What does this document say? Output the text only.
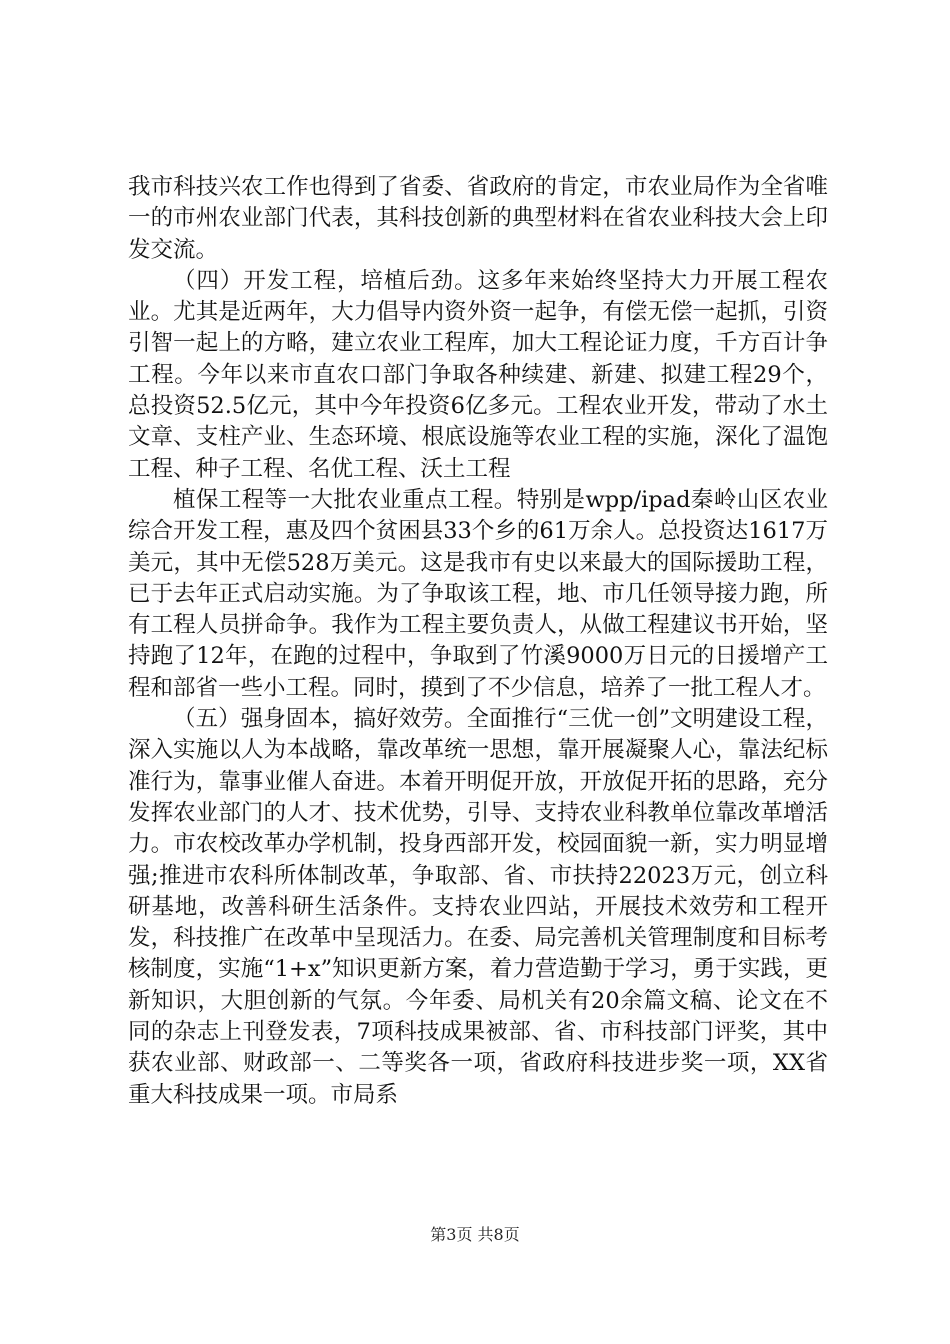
我市科技兴农工作也得到了省委、省政府的肯定，市农业局作为全省唯一的市州农业部门代表，其科技创新的典型材料在省农业科技大会上印发交流。

（四）开发工程，培植后劲。这多年来始终坚持大力开展工程农业。尤其是近两年，大力倡导内资外资一起争，有偿无偿一起抓，引资引智一起上的方略，建立农业工程库，加大工程论证力度，千方百计争工程。今年以来市直农口部门争取各种续建、新建、拟建工程29个，总投资52.5亿元，其中今年投资6亿多元。工程农业开发，带动了水土文章、支柱产业、生态环境、根底设施等农业工程的实施，深化了温饱工程、种子工程、名优工程、沃土工程

植保工程等一大批农业重点工程。特别是wpp/ipad秦岭山区农业综合开发工程，惠及四个贫困县33个乡的61万余人。总投资达1617万美元，其中无偿528万美元。这是我市有史以来最大的国际援助工程，已于去年正式启动实施。为了争取该工程，地、市几任领导接力跑，所有工程人员拼命争。我作为工程主要负责人，从做工程建议书开始，坚持跑了12年，在跑的过程中，争取到了竹溪9000万日元的日援增产工程和部省一些小工程。同时，摸到了不少信息，培养了一批工程人才。

（五）强身固本，搞好效劳。全面推行“三优一创”文明建设工程，深入实施以人为本战略，靠改革统一思想，靠开展凝聚人心，靠法纪标准行为，靠事业催人奋进。本着开明促开放，开放促开拓的思路，充分发挥农业部门的人才、技术优势，引导、支持农业科教单位靠改革增活力。市农校改革办学机制，投身西部开发，校园面貌一新，实力明显增强;推进市农科所体制改革，争取部、省、市扶持22023万元，创立科研基地，改善科研生活条件。支持农业四站，开展技术效劳和工程开发，科技推广在改革中呈现活力。在委、局完善机关管理制度和目标考核制度，实施“1+x”知识更新方案，着力营造勤于学习，勇于实践，更新知识，大胆创新的气氛。今年委、局机关有20余篇文稿、论文在不同的杂志上刊登发表，7项科技成果被部、省、市科技部门评奖，其中获农业部、财政部一、二等奖各一项，省政府科技进步奖一项，XX省重大科技成果一项。市局系

第3页 共8页
